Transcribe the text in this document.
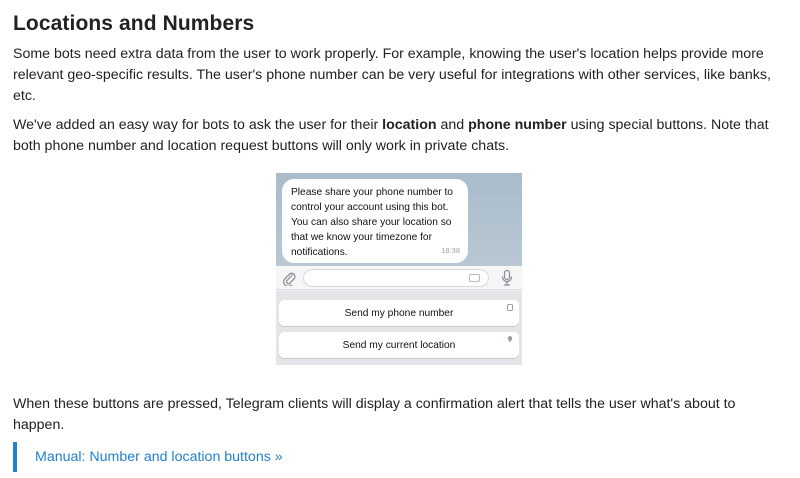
Locations and Numbers

Some bots need extra data from the user to work properly. For example, knowing the user's location helps provide more relevant geo-specific results. The user's phone number can be very useful for integrations with other services, like banks, etc.

We've added an easy way for bots to ask the user for their location and phone number using special buttons. Note that both phone number and location request buttons will only work in private chats.

Please share your phone number to control your account using this bot. You can also share your location so that we know your timezone for notifications.	18:38
Send my phone number
Send my current location

When these buttons are pressed, Telegram clients will display a confirmation alert that tells the user what's about to happen.

Manual: Number and location buttons »
